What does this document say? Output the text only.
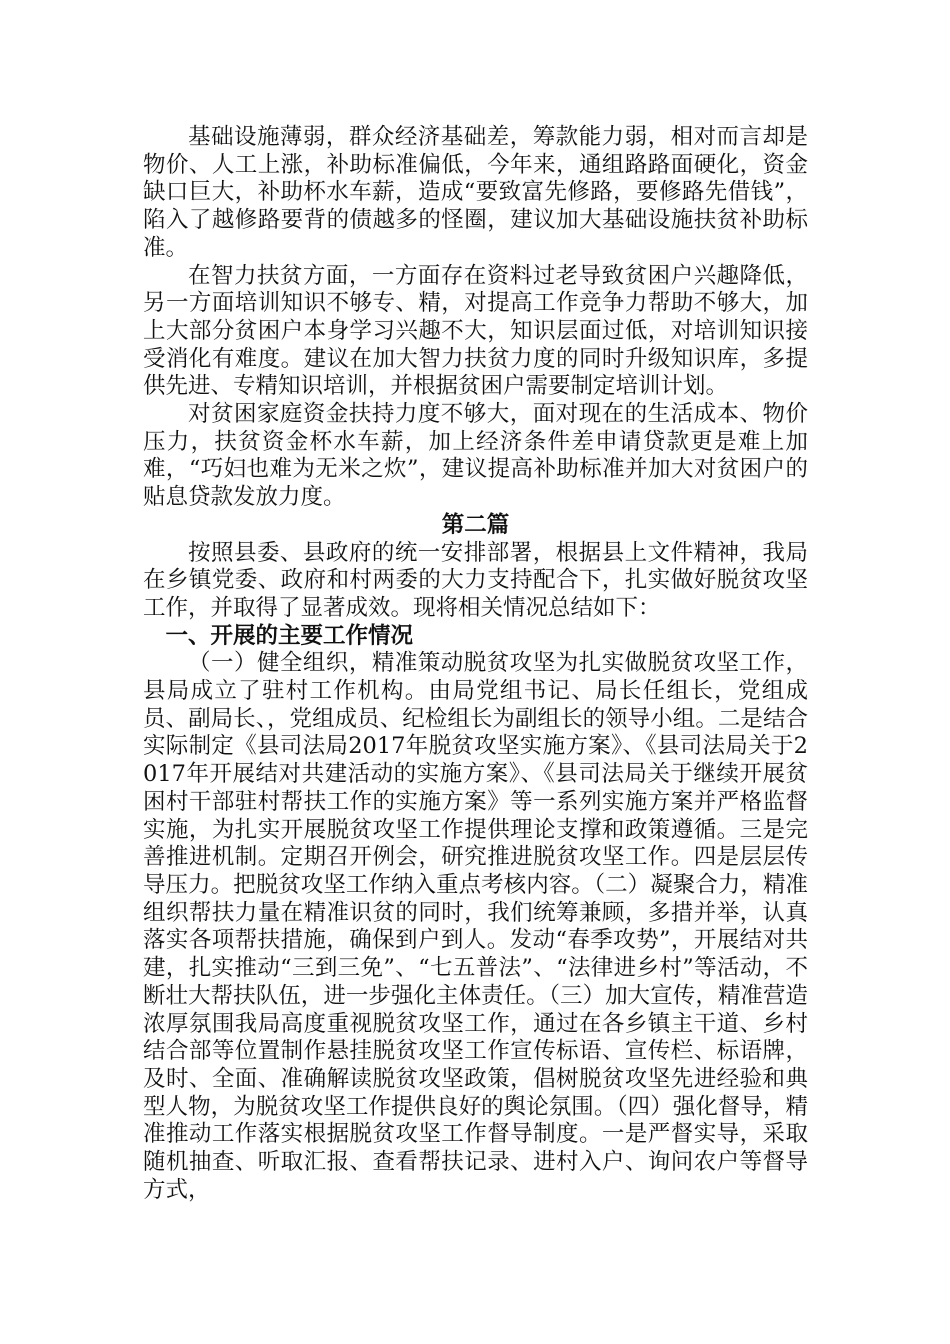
基础设施薄弱，群众经济基础差，筹款能力弱，相对而言却是物价、人工上涨，补助标准偏低，今年来，通组路路面硬化，资金缺口巨大，补助杯水车薪，造成“要致富先修路，要修路先借钱”，陷入了越修路要背的债越多的怪圈，建议加大基础设施扶贫补助标准。

在智力扶贫方面，一方面存在资料过老导致贫困户兴趣降低，另一方面培训知识不够专、精，对提高工作竞争力帮助不够大，加上大部分贫困户本身学习兴趣不大，知识层面过低，对培训知识接受消化有难度。建议在加大智力扶贫力度的同时升级知识库，多提供先进、专精知识培训，并根据贫困户需要制定培训计划。

对贫困家庭资金扶持力度不够大，面对现在的生活成本、物价压力，扶贫资金杯水车薪，加上经济条件差申请贷款更是难上加难，“巧妇也难为无米之炊”，建议提高补助标准并加大对贫困户的贴息贷款发放力度。

第二篇

按照县委、县政府的统一安排部署，根据县上文件精神，我局在乡镇党委、政府和村两委的大力支持配合下，扎实做好脱贫攻坚工作，并取得了显著成效。现将相关情况总结如下：

一、开展的主要工作情况

（一）健全组织，精准策动脱贫攻坚为扎实做脱贫攻坚工作，县局成立了驻村工作机构。由局党组书记、局长任组长，党组成员、副局长、，党组成员、纪检组长为副组长的领导小组。二是结合实际制定《县司法局2017年脱贫攻坚实施方案》、《县司法局关于2017年开展结对共建活动的实施方案》、《县司法局关于继续开展贫困村干部驻村帮扶工作的实施方案》等一系列实施方案并严格监督实施，为扎实开展脱贫攻坚工作提供理论支撑和政策遵循。三是完善推进机制。定期召开例会，研究推进脱贫攻坚工作。四是层层传导压力。把脱贫攻坚工作纳入重点考核内容。（二）凝聚合力，精准组织帮扶力量在精准识贫的同时，我们统筹兼顾，多措并举，认真落实各项帮扶措施，确保到户到人。发动“春季攻势”，开展结对共建，扎实推动“三到三免”、“七五普法”、“法律进乡村”等活动，不断壮大帮扶队伍，进一步强化主体责任。（三）加大宣传，精准营造浓厚氛围我局高度重视脱贫攻坚工作，通过在各乡镇主干道、乡村结合部等位置制作悬挂脱贫攻坚工作宣传标语、宣传栏、标语牌，及时、全面、准确解读脱贫攻坚政策，倡树脱贫攻坚先进经验和典型人物，为脱贫攻坚工作提供良好的舆论氛围。（四）强化督导，精准推动工作落实根据脱贫攻坚工作督导制度。一是严督实导，采取随机抽查、听取汇报、查看帮扶记录、进村入户、询问农户等督导方式，
